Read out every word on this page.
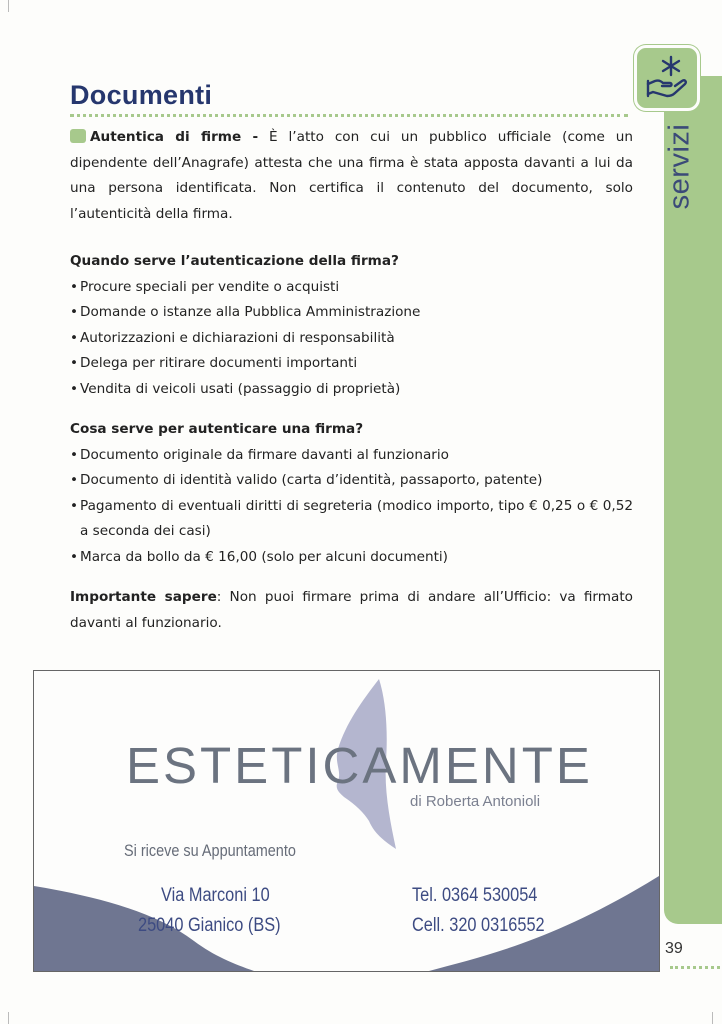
servizi
39
Documenti

Autentica di firme - È l’atto con cui un pubblico ufficiale (come un dipendente dell’Anagrafe) attesta che una firma è stata apposta davanti a lui da una persona identificata. Non certifica il contenuto del documento, solo l’autenticità della firma.

Quando serve l’autenticazione della firma?

• Procure speciali per vendite o acquisti
• Domande o istanze alla Pubblica Amministrazione
• Autorizzazioni e dichiarazioni di responsabilità
• Delega per ritirare documenti importanti
• Vendita di veicoli usati (passaggio di proprietà)

Cosa serve per autenticare una firma?

• Documento originale da firmare davanti al funzionario
• Documento di identità valido (carta d’identità, passaporto, patente)
• Pagamento di eventuali diritti di segreteria (modico importo, tipo € 0,25 o € 0,52 a seconda dei casi)
• Marca da bollo da € 16,00 (solo per alcuni documenti)

Importante sapere: Non puoi firmare prima di andare all’Ufficio: va firmato davanti al funzionario.

ESTETICAMENTE
di Roberta Antonioli
Si riceve su Appuntamento
Via Marconi 10
25040 Gianico (BS)
Tel. 0364 530054
Cell. 320 0316552
